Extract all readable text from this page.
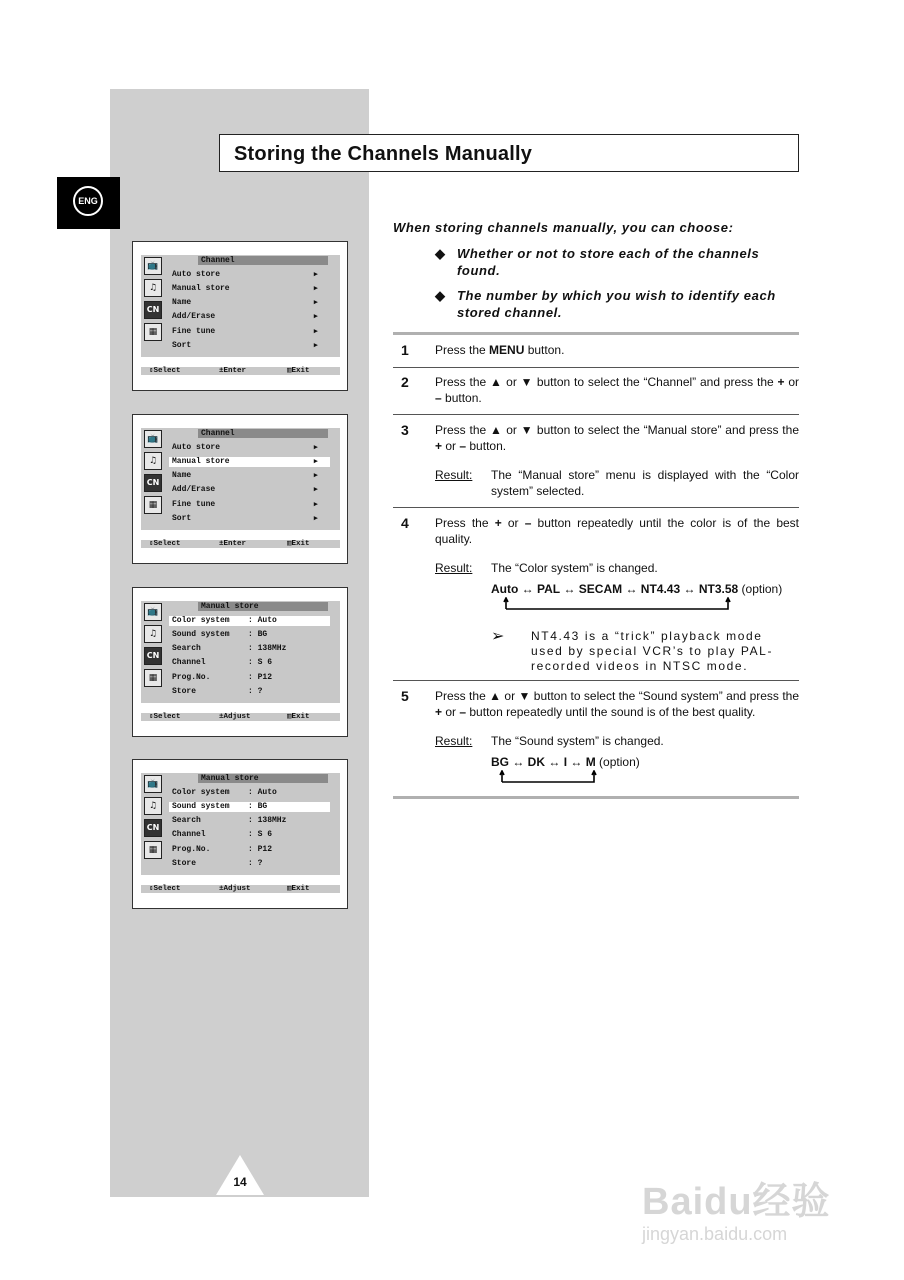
ENG
Storing the Channels Manually

When storing channels manually, you can choose:

◆ Whether or not to store each of the channels found.
◆ The number by which you wish to identify each stored channel.
1 Press the MENU button.
2 Press the ▲ or ▼ button to select the “Channel” and press the + or – button.
3 Press the ▲ or ▼ button to select the “Manual store” and press the + or – button.
Result:	The “Manual store” menu is displayed with the “Color system” selected.
4 Press the + or – button repeatedly until the color is of the best quality.
Result:	The “Color system” is changed.
Auto ↔ PAL ↔ SECAM ↔ NT4.43 ↔ NT3.58 (option)
➢	NT4.43 is a “trick” playback mode used by special VCR’s to play PAL-recorded videos in NTSC mode.
5 Press the ▲ or ▼ button to select the “Sound system” and press the + or – button repeatedly until the sound is of the best quality.
Result:	The “Sound system” is changed.
BG ↔ DK ↔ I ↔ M (option)
📺
♫
CN
▦
Channel
Auto store	▶
Manual store	▶
Name	▶
Add/Erase	▶
Fine tune	▶
Sort	▶
⇕Select	±Enter	▥Exit
📺
♫
CN
▦
Channel
Auto store	▶
Manual store	▶
Name	▶
Add/Erase	▶
Fine tune	▶
Sort	▶
⇕Select	±Enter	▥Exit
📺
♫
CN
▦
Manual store
Color system : Auto
Sound system : BG
Search	: 138MHz
Channel	: S 6
Prog.No.	: P12
Store	: ?
⇕Select	±Adjust	▥Exit
📺
♫
CN
▦
Manual store
Color system : Auto
Sound system : BG
Search	: 138MHz
Channel	: S 6
Prog.No.	: P12
Store	: ?
⇕Select	±Adjust	▥Exit
14	Baidu经验
jingyan.baidu.com
